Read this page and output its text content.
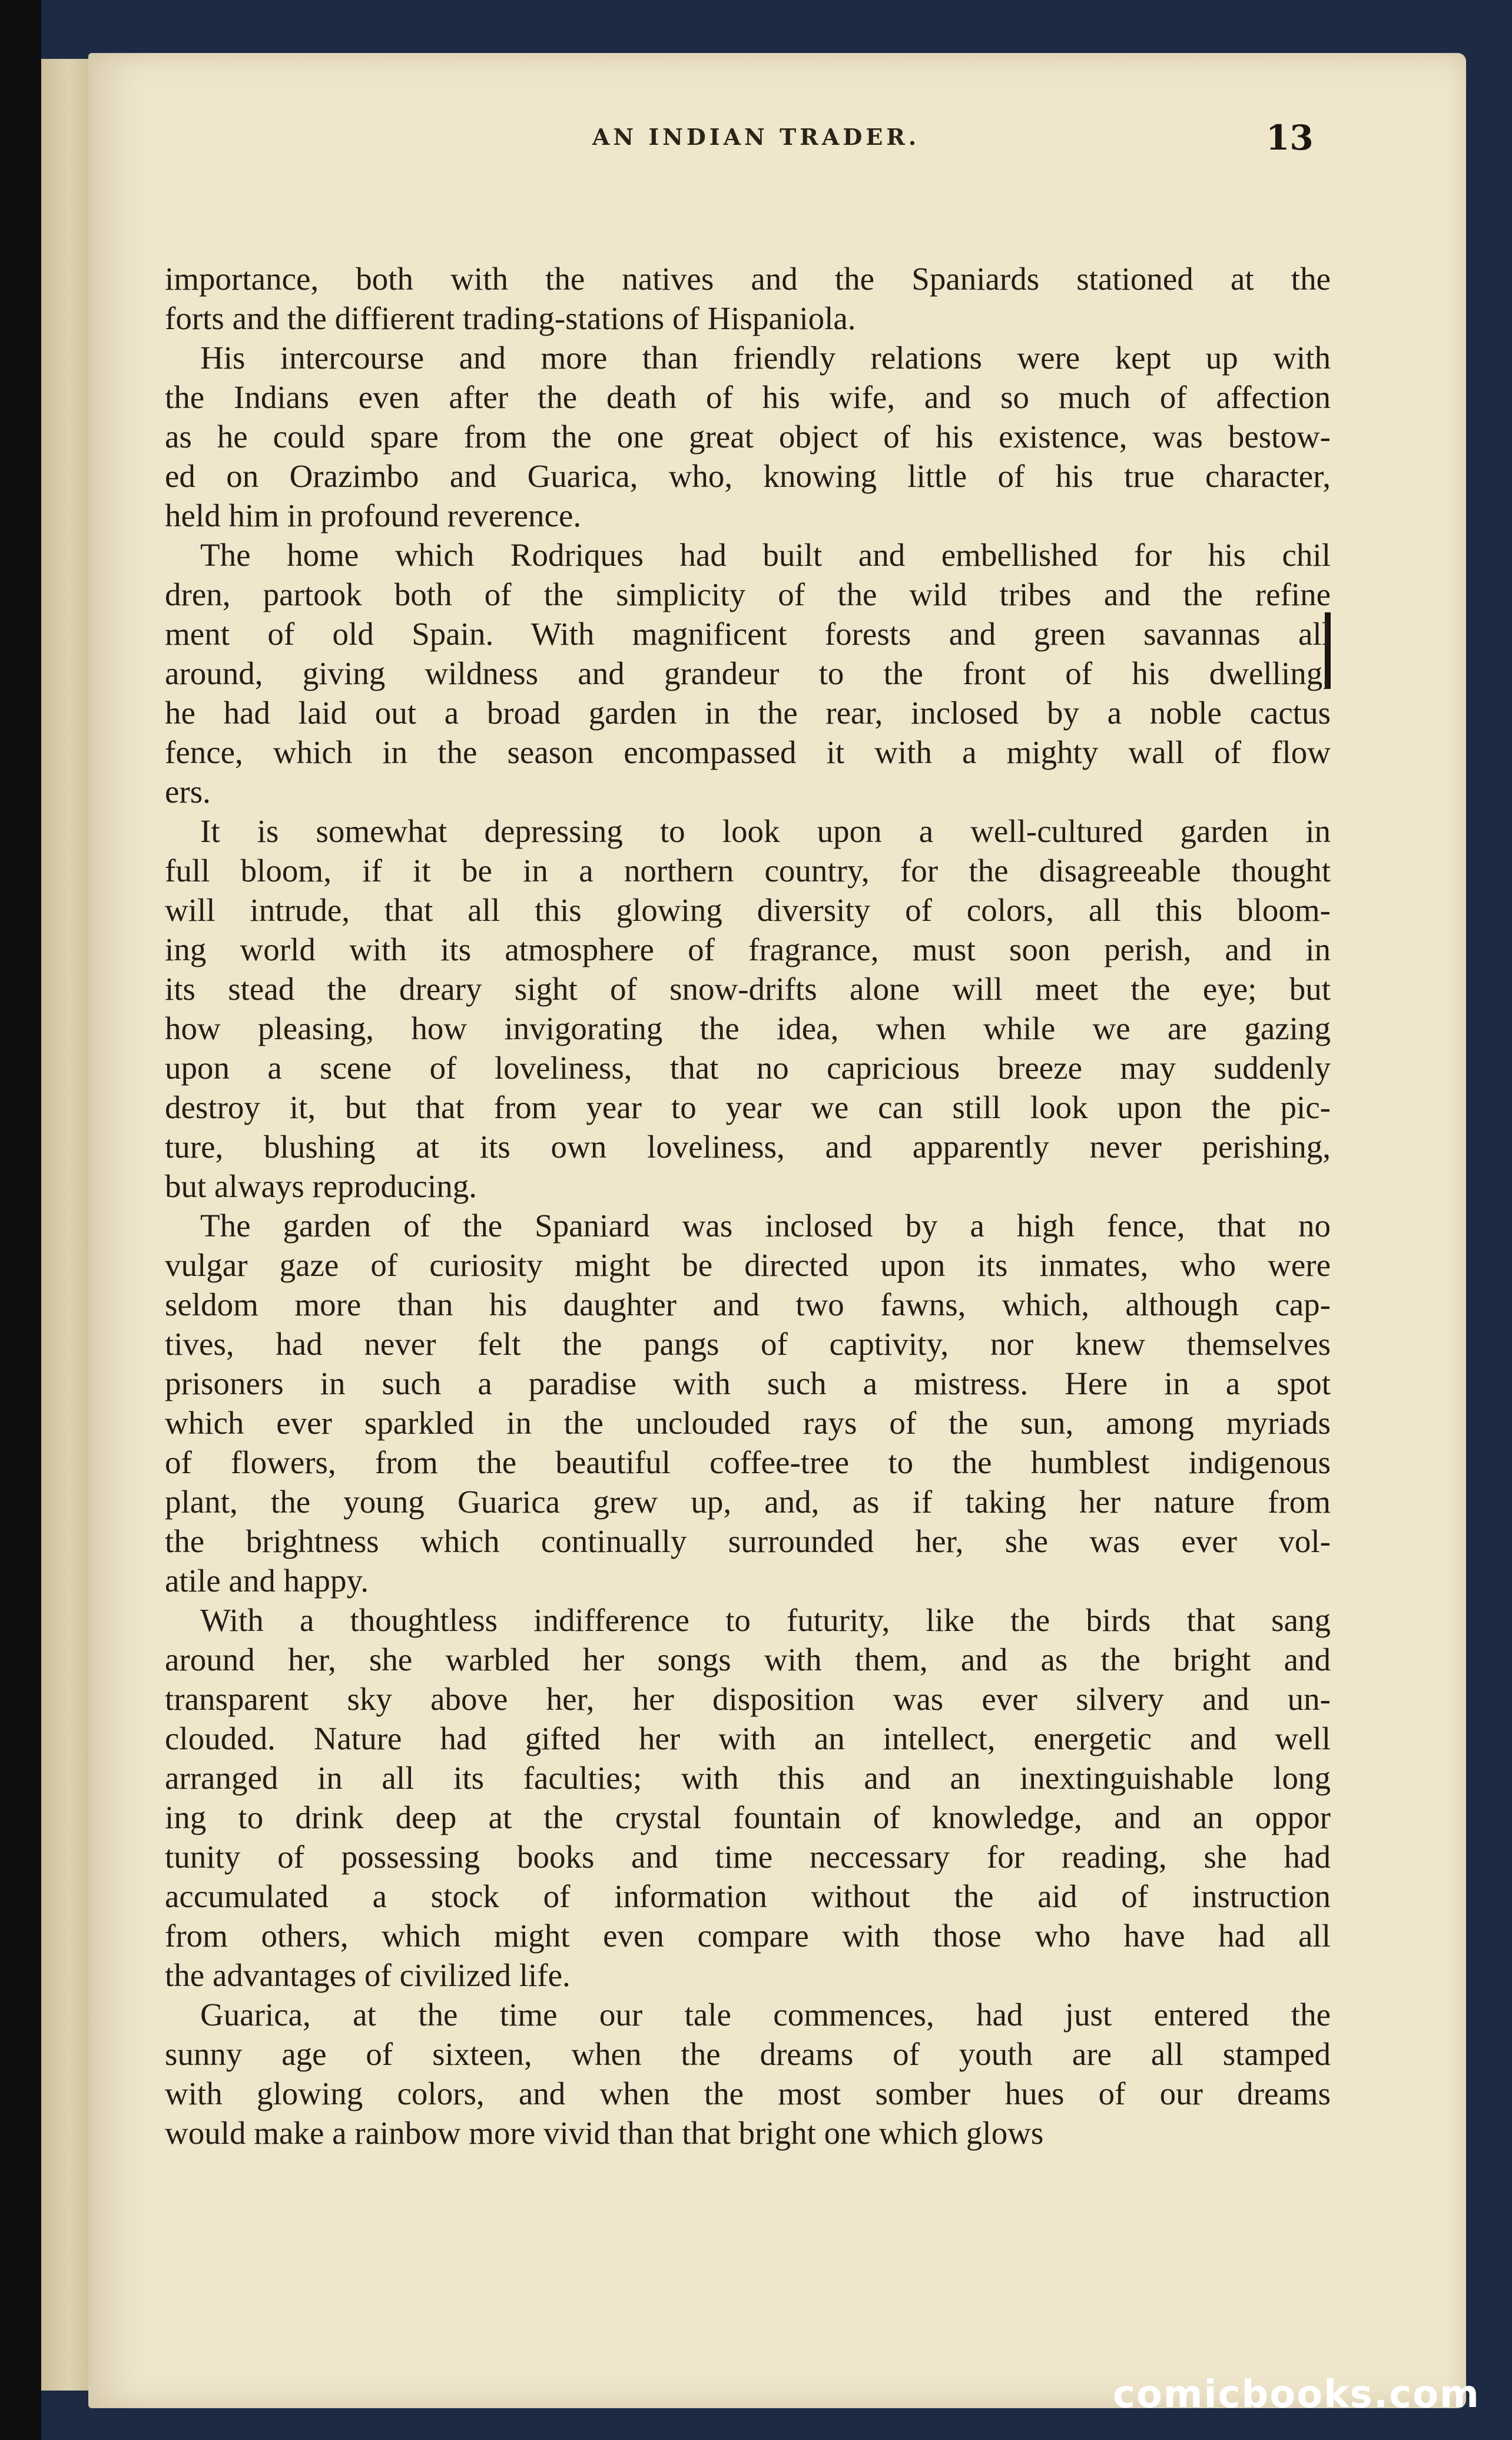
AN INDIAN TRADER.	13
importance, both with the natives and the Spaniards stationed at the
forts and the diffierent trading-stations of Hispaniola.
His intercourse and more than friendly relations were kept up with
the Indians even after the death of his wife, and so much of affection
as he could spare from the one great object of his existence, was bestow-
ed on Orazimbo and Guarica, who, knowing little of his true character,
held him in profound reverence.
The home which Rodriques had built and embellished for his chil
dren, partook both of the simplicity of the wild tribes and the refine
ment of old Spain. With magnificent forests and green savannas all
around, giving wildness and grandeur to the front of his dwelling,
he had laid out a broad garden in the rear, inclosed by a noble cactus
fence, which in the season encompassed it with a mighty wall of flow
ers.
It is somewhat depressing to look upon a well-cultured garden in
full bloom, if it be in a northern country, for the disagreeable thought
will intrude, that all this glowing diversity of colors, all this bloom-
ing world with its atmosphere of fragrance, must soon perish, and in
its stead the dreary sight of snow-drifts alone will meet the eye; but
how pleasing, how invigorating the idea, when while we are gazing
upon a scene of loveliness, that no capricious breeze may suddenly
destroy it, but that from year to year we can still look upon the pic-
ture, blushing at its own loveliness, and apparently never perishing,
but always reproducing.
The garden of the Spaniard was inclosed by a high fence, that no
vulgar gaze of curiosity might be directed upon its inmates, who were
seldom more than his daughter and two fawns, which, although cap-
tives, had never felt the pangs of captivity, nor knew themselves
prisoners in such a paradise with such a mistress. Here in a spot
which ever sparkled in the unclouded rays of the sun, among myriads
of flowers, from the beautiful coffee-tree to the humblest indigenous
plant, the young Guarica grew up, and, as if taking her nature from
the brightness which continually surrounded her, she was ever vol-
atile and happy.
With a thoughtless indifference to futurity, like the birds that sang
around her, she warbled her songs with them, and as the bright and
transparent sky above her, her disposition was ever silvery and un-
clouded. Nature had gifted her with an intellect, energetic and well
arranged in all its faculties; with this and an inextinguishable long
ing to drink deep at the crystal fountain of knowledge, and an oppor
tunity of possessing books and time neccessary for reading, she had
accumulated a stock of information without the aid of instruction
from others, which might even compare with those who have had all
the advantages of civilized life.
Guarica, at the time our tale commences, had just entered the
sunny age of sixteen, when the dreams of youth are all stamped
with glowing colors, and when the most somber hues of our dreams
would make a rainbow more vivid than that bright one which glows
comicbooks.com
